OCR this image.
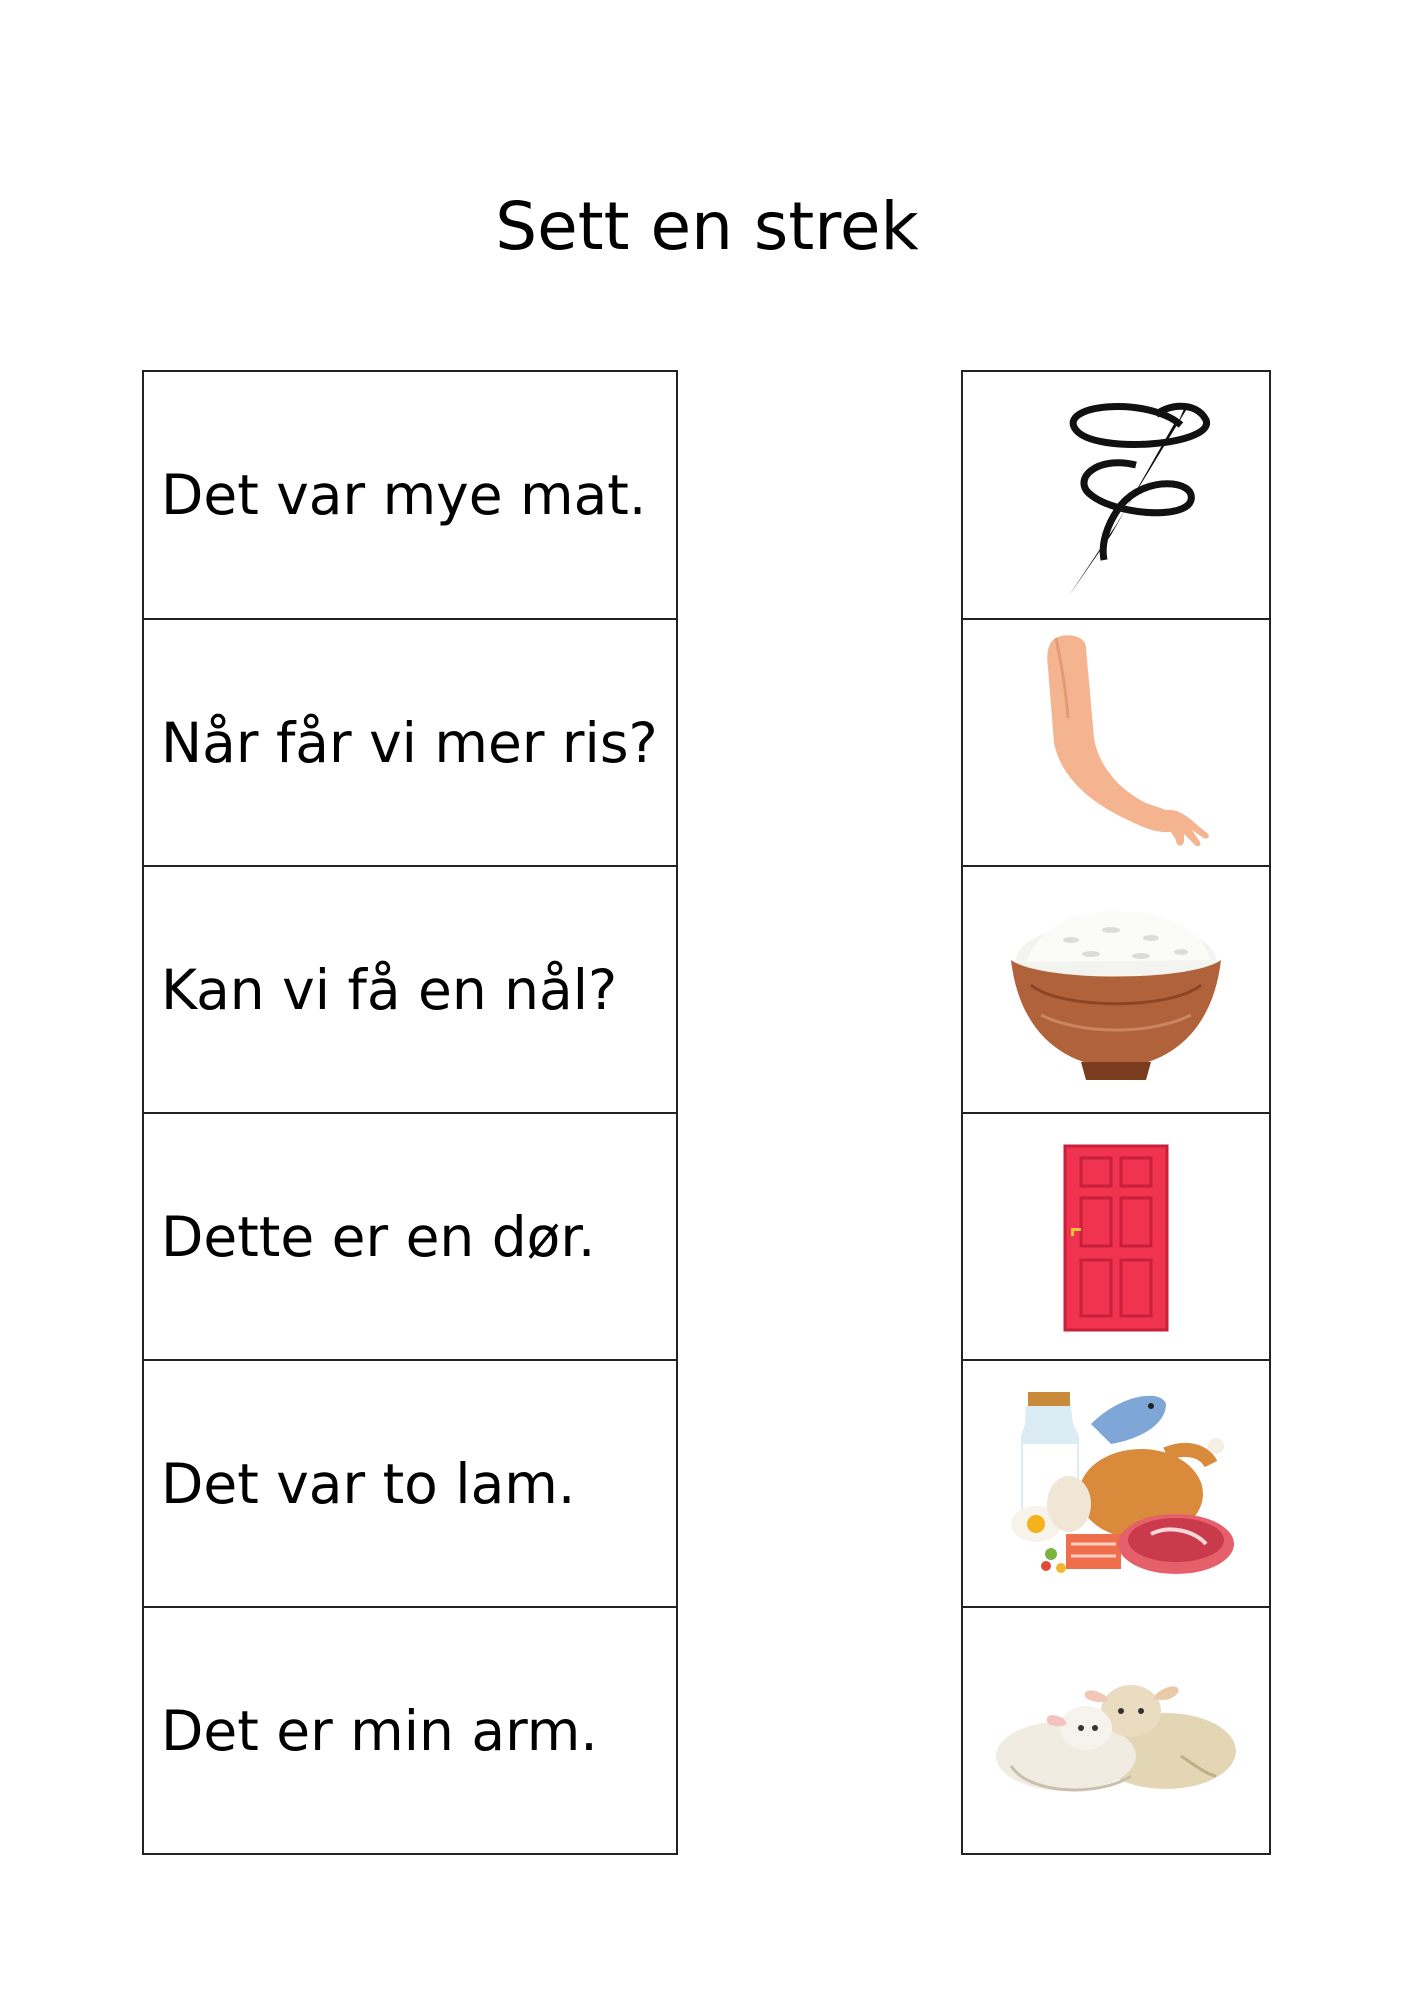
Sett en strek
Det var mye mat.
Når får vi mer ris?
Kan vi få en nål?
Dette er en dør.
Det var to lam.
Det er min arm.
